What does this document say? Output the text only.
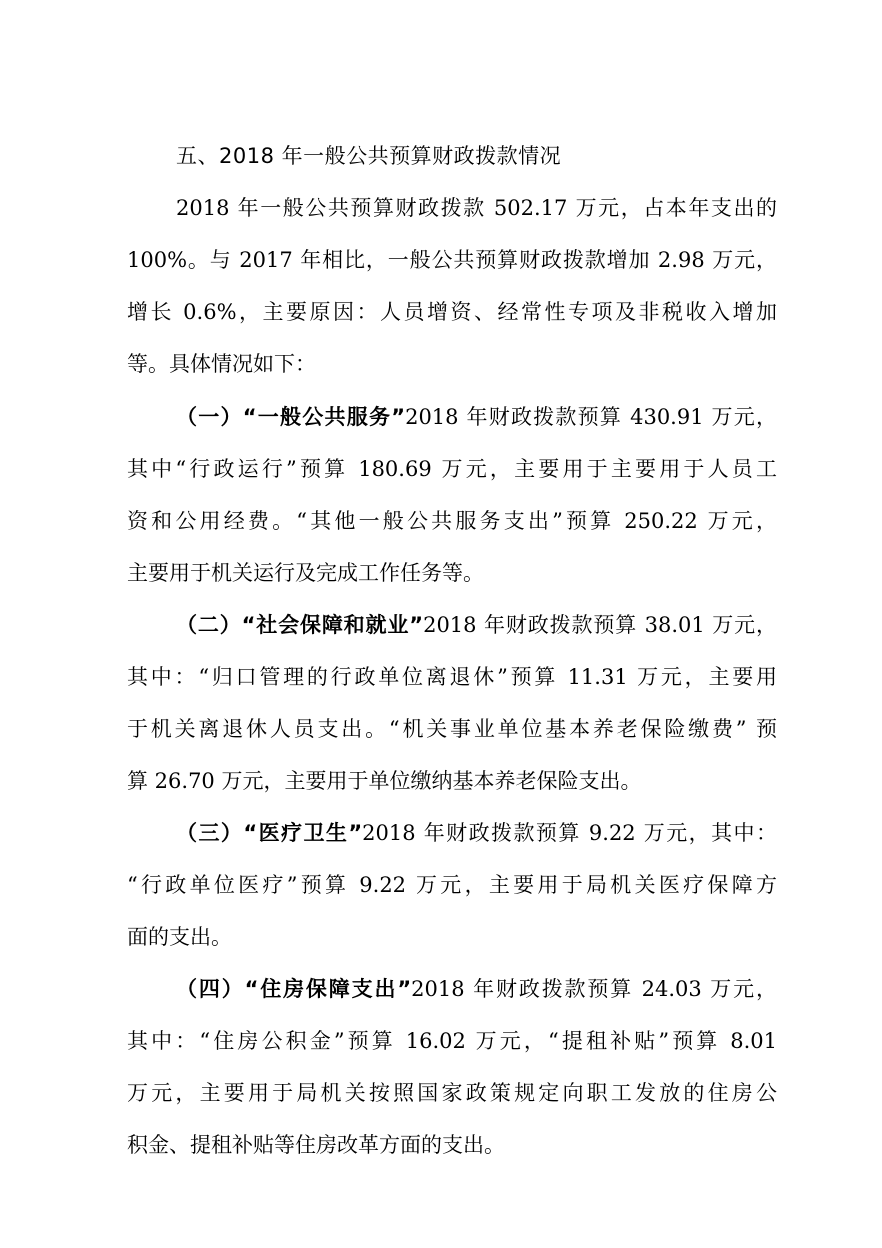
五、2018 年一般公共预算财政拨款情况
2018 年一般公共预算财政拨款 502.17 万元，占本年支出的
100%。与 2017 年相比，一般公共预算财政拨款增加 2.98 万元，
增长 0.6%，主要原因：人员增资、经常性专项及非税收入增加
等。具体情况如下：
（一）“一般公共服务”2018 年财政拨款预算 430.91 万元，
其中“行政运行”预算 180.69 万元，主要用于主要用于人员工
资和公用经费。“其他一般公共服务支出”预算 250.22 万元，
主要用于机关运行及完成工作任务等。
（二）“社会保障和就业”2018 年财政拨款预算 38.01 万元，
其中：“归口管理的行政单位离退休”预算 11.31 万元，主要用
于机关离退休人员支出。“机关事业单位基本养老保险缴费” 预
算 26.70 万元，主要用于单位缴纳基本养老保险支出。
（三）“医疗卫生”2018 年财政拨款预算 9.22 万元，其中：
“行政单位医疗”预算 9.22 万元，主要用于局机关医疗保障方
面的支出。
（四）“住房保障支出”2018 年财政拨款预算 24.03 万元，
其中：“住房公积金”预算 16.02 万元，“提租补贴”预算 8.01
万元，主要用于局机关按照国家政策规定向职工发放的住房公
积金、提租补贴等住房改革方面的支出。
